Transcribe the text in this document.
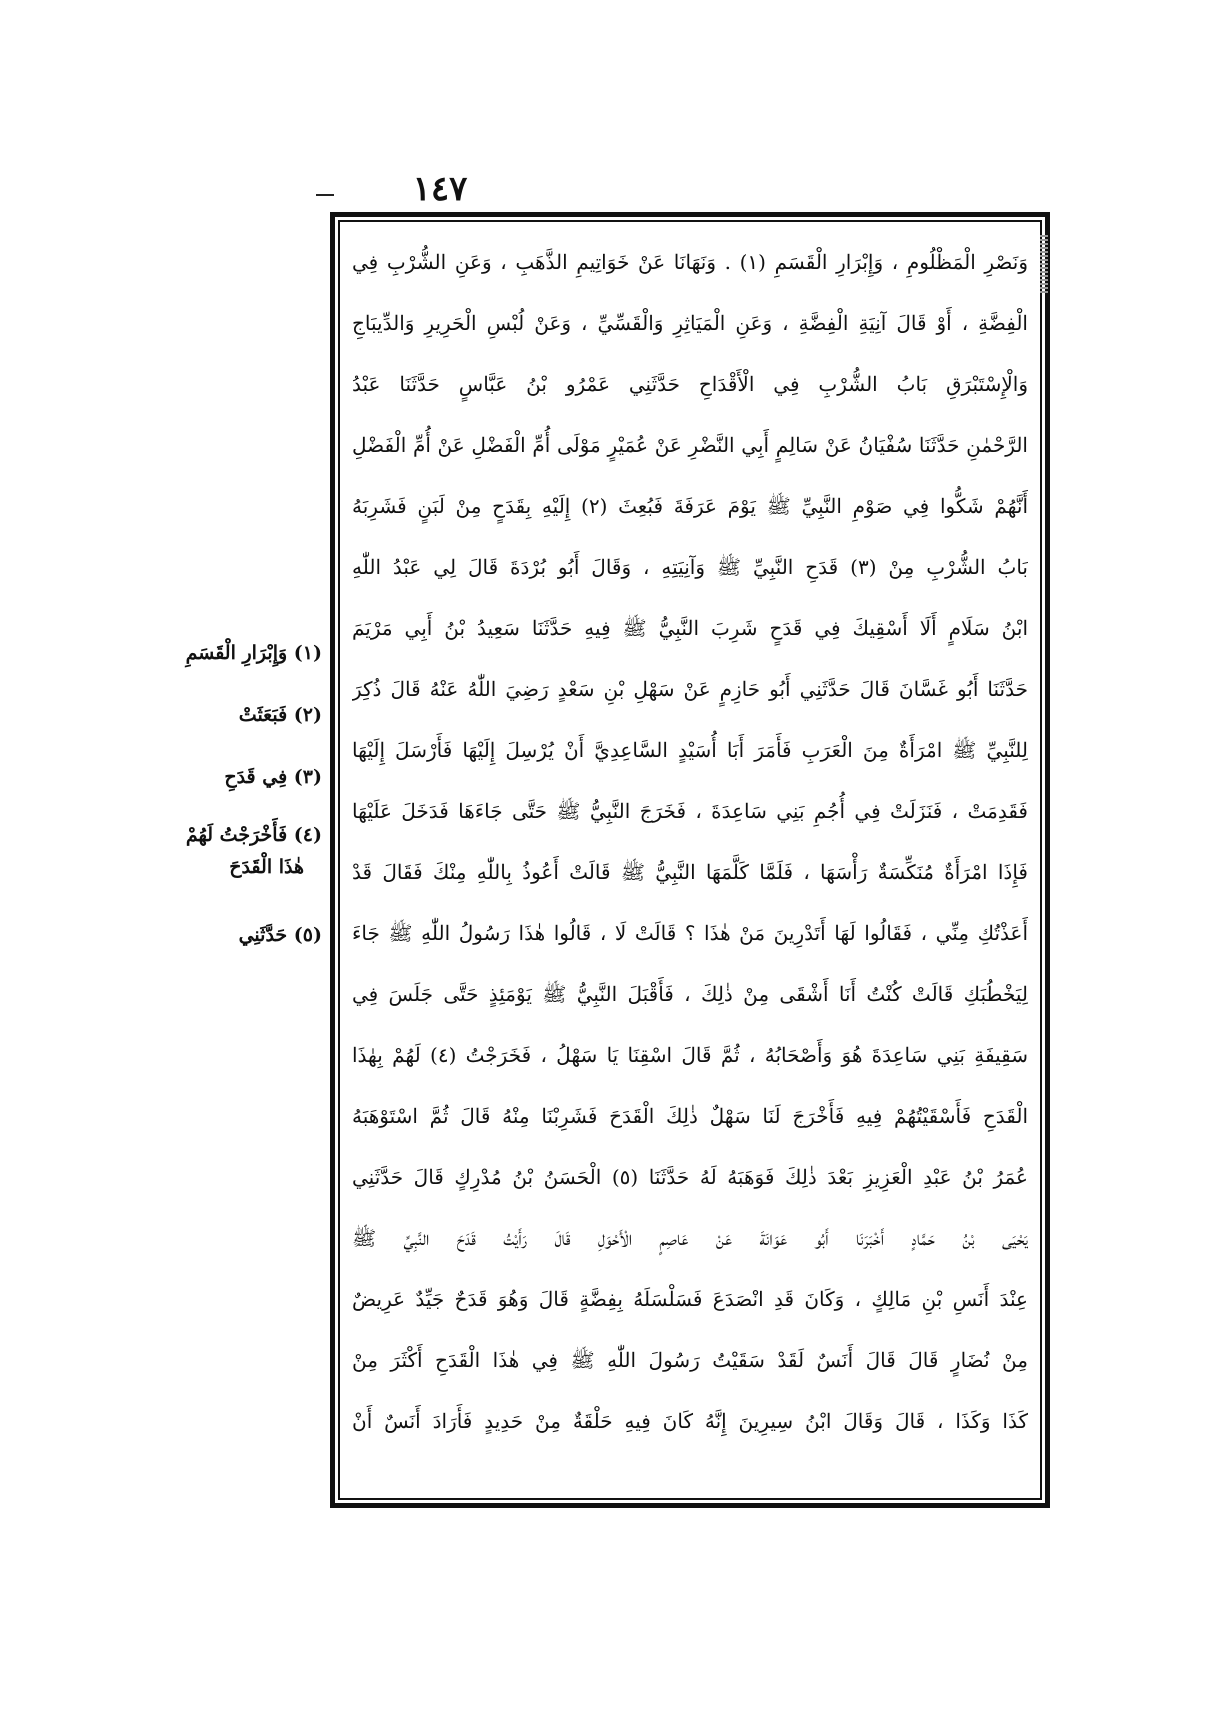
١٤٧
وَنَصْرِ الْمَظْلُومِ ، وَإِبْرَارِ الْقَسَمِ (١) . وَنَهَانَا عَنْ خَوَاتِيمِ الذَّهَبِ ، وَعَنِ الشُّرْبِ فِي
الْفِضَّةِ ، أَوْ قَالَ آنِيَةِ الْفِضَّةِ ، وَعَنِ الْمَيَاثِرِ وَالْقَسِّيِّ ، وَعَنْ لُبْسِ الْحَرِيرِ وَالدِّيبَاجِ
وَالْإِسْتَبْرَقِ بَابُ الشُّرْبِ فِي الْأَقْدَاحِ حَدَّثَنِي عَمْرُو بْنُ عَبَّاسٍ حَدَّثَنَا عَبْدُ
الرَّحْمٰنِ حَدَّثَنَا سُفْيَانُ عَنْ سَالِمٍ أَبِي النَّضْرِ عَنْ عُمَيْرٍ مَوْلَى أُمِّ الْفَضْلِ عَنْ أُمِّ الْفَضْلِ
أَنَّهُمْ شَكُّوا فِي صَوْمِ النَّبِيِّ ﷺ يَوْمَ عَرَفَةَ فَبُعِثَ (٢) إِلَيْهِ بِقَدَحٍ مِنْ لَبَنٍ فَشَرِبَهُ
بَابُ الشُّرْبِ مِنْ (٣) قَدَحِ النَّبِيِّ ﷺ وَآنِيَتِهِ ، وَقَالَ أَبُو بُرْدَةَ قَالَ لِي عَبْدُ اللّٰهِ
ابْنُ سَلَامٍ أَلَا أَسْقِيكَ فِي قَدَحٍ شَرِبَ النَّبِيُّ ﷺ فِيهِ حَدَّثَنَا سَعِيدُ بْنُ أَبِي مَرْيَمَ
حَدَّثَنَا أَبُو غَسَّانَ قَالَ حَدَّثَنِي أَبُو حَازِمٍ عَنْ سَهْلِ بْنِ سَعْدٍ رَضِيَ اللّٰهُ عَنْهُ قَالَ ذُكِرَ
لِلنَّبِيِّ ﷺ امْرَأَةٌ مِنَ الْعَرَبِ فَأَمَرَ أَبَا أُسَيْدٍ السَّاعِدِيَّ أَنْ يُرْسِلَ إِلَيْهَا فَأَرْسَلَ إِلَيْهَا
فَقَدِمَتْ ، فَنَزَلَتْ فِي أُجُمِ بَنِي سَاعِدَةَ ، فَخَرَجَ النَّبِيُّ ﷺ حَتَّى جَاءَهَا فَدَخَلَ عَلَيْهَا
فَإِذَا امْرَأَةٌ مُنَكِّسَةٌ رَأْسَهَا ، فَلَمَّا كَلَّمَهَا النَّبِيُّ ﷺ قَالَتْ أَعُوذُ بِاللّٰهِ مِنْكَ فَقَالَ قَدْ
أَعَذْتُكِ مِنِّي ، فَقَالُوا لَهَا أَتَدْرِينَ مَنْ هٰذَا ؟ قَالَتْ لَا ، قَالُوا هٰذَا رَسُولُ اللّٰهِ ﷺ جَاءَ
لِيَخْطُبَكِ قَالَتْ كُنْتُ أَنَا أَشْقَى مِنْ ذٰلِكَ ، فَأَقْبَلَ النَّبِيُّ ﷺ يَوْمَئِذٍ حَتَّى جَلَسَ فِي
سَقِيفَةِ بَنِي سَاعِدَةَ هُوَ وَأَصْحَابُهُ ، ثُمَّ قَالَ اسْقِنَا يَا سَهْلُ ، فَخَرَجْتُ (٤) لَهُمْ بِهٰذَا
الْقَدَحِ فَأَسْقَيْتُهُمْ فِيهِ فَأَخْرَجَ لَنَا سَهْلٌ ذٰلِكَ الْقَدَحَ فَشَرِبْنَا مِنْهُ قَالَ ثُمَّ اسْتَوْهَبَهُ
عُمَرُ بْنُ عَبْدِ الْعَزِيزِ بَعْدَ ذٰلِكَ فَوَهَبَهُ لَهُ حَدَّثَنَا (٥) الْحَسَنُ بْنُ مُدْرِكٍ قَالَ حَدَّثَنِي
يَحْيَى بْنُ حَمَّادٍ أَخْبَرَنَا أَبُو عَوَانَةَ عَنْ عَاصِمٍ الْأَحْوَلِ قَالَ رَأَيْتُ قَدَحَ النَّبِيِّ ﷺ
عِنْدَ أَنَسِ بْنِ مَالِكٍ ، وَكَانَ قَدِ انْصَدَعَ فَسَلْسَلَهُ بِفِضَّةٍ قَالَ وَهُوَ قَدَحٌ جَيِّدٌ عَرِيضٌ
مِنْ نُضَارٍ قَالَ قَالَ أَنَسٌ لَقَدْ سَقَيْتُ رَسُولَ اللّٰهِ ﷺ فِي هٰذَا الْقَدَحِ أَكْثَرَ مِنْ
كَذَا وَكَذَا ، قَالَ وَقَالَ ابْنُ سِيرِينَ إِنَّهُ كَانَ فِيهِ حَلْقَةٌ مِنْ حَدِيدٍ فَأَرَادَ أَنَسٌ أَنْ
(١) وَإِبْرَارِ الْقَسَمِ
(٢) فَبَعَثَتْ
(٣) فِي قَدَحِ
(٤) فَأَخْرَجْتُ لَهُمْ
هٰذَا الْقَدَحَ
(٥) حَدَّثَنِي
